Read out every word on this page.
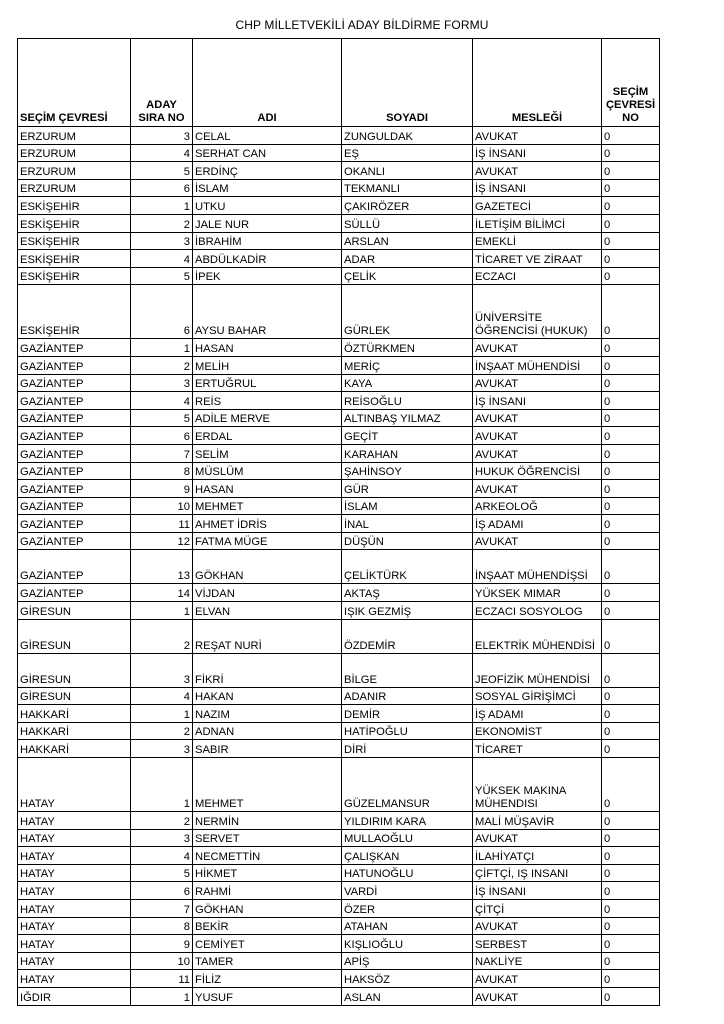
CHP MİLLETVEKİLİ ADAY BİLDİRME FORMU
SEÇİM ÇEVRESİ	ADAY SIRA NO	ADI	SOYADI	MESLEĞİ	SEÇİM ÇEVRESİ NO
ERZURUM	3	CELAL	ZUNGULDAK	AVUKAT	0
ERZURUM	4	SERHAT CAN	EŞ	İŞ İNSANI	0
ERZURUM	5	ERDİNÇ	OKANLI	AVUKAT	0
ERZURUM	6	İSLAM	TEKMANLI	İŞ İNSANI	0
ESKİŞEHİR	1	UTKU	ÇAKIRÖZER	GAZETECİ	0
ESKİŞEHİR	2	JALE NUR	SÜLLÜ	İLETİŞİM BİLİMCİ	0
ESKİŞEHİR	3	İBRAHİM	ARSLAN	EMEKLİ	0
ESKİŞEHİR	4	ABDÜLKADİR	ADAR	TİCARET VE ZİRAAT	0
ESKİŞEHİR	5	İPEK	ÇELİK	ECZACI	0
ESKİŞEHİR	6	AYSU BAHAR	GÜRLEK	ÜNİVERSİTE ÖĞRENCİSİ (HUKUK)	0
GAZİANTEP	1	HASAN	ÖZTÜRKMEN	AVUKAT	0
GAZİANTEP	2	MELİH	MERİÇ	İNŞAAT MÜHENDİSİ	0
GAZİANTEP	3	ERTUĞRUL	KAYA	AVUKAT	0
GAZİANTEP	4	REİS	REİSOĞLU	İŞ İNSANI	0
GAZİANTEP	5	ADİLE MERVE	ALTINBAŞ YILMAZ	AVUKAT	0
GAZİANTEP	6	ERDAL	GEÇİT	AVUKAT	0
GAZİANTEP	7	SELİM	KARAHAN	AVUKAT	0
GAZİANTEP	8	MÜSLÜM	ŞAHİNSOY	HUKUK ÖĞRENCİSİ	0
GAZİANTEP	9	HASAN	GÜR	AVUKAT	0
GAZİANTEP	10	MEHMET	İSLAM	ARKEOLOĞ	0
GAZİANTEP	11	AHMET İDRİS	İNAL	İŞ ADAMI	0
GAZİANTEP	12	FATMA MÜGE	DÜŞÜN	AVUKAT	0
GAZİANTEP	13	GÖKHAN	ÇELİKTÜRK	İNŞAAT MÜHENDİŞSİ	0
GAZİANTEP	14	VİJDAN	AKTAŞ	YÜKSEK MIMAR	0
GİRESUN	1	ELVAN	IŞIK GEZMİŞ	ECZACI SOSYOLOG	0
GİRESUN	2	REŞAT NURİ	ÖZDEMİR	ELEKTRİK MÜHENDİSİ	0
GİRESUN	3	FİKRİ	BİLGE	JEOFİZİK MÜHENDİSİ	0
GİRESUN	4	HAKAN	ADANIR	SOSYAL GİRİŞİMCİ	0
HAKKARİ	1	NAZIM	DEMİR	İŞ ADAMI	0
HAKKARİ	2	ADNAN	HATİPOĞLU	EKONOMİST	0
HAKKARİ	3	SABIR	DİRİ	TİCARET	0
HATAY	1	MEHMET	GÜZELMANSUR	YÜKSEK MAKINA MÜHENDISI	0
HATAY	2	NERMİN	YILDIRIM KARA	MALİ MÜŞAVİR	0
HATAY	3	SERVET	MULLAOĞLU	AVUKAT	0
HATAY	4	NECMETTİN	ÇALIŞKAN	İLAHİYATÇI	0
HATAY	5	HİKMET	HATUNOĞLU	ÇİFTÇİ, IŞ INSANI	0
HATAY	6	RAHMİ	VARDİ	İŞ İNSANI	0
HATAY	7	GÖKHAN	ÖZER	ÇİTÇİ	0
HATAY	8	BEKİR	ATAHAN	AVUKAT	0
HATAY	9	CEMİYET	KIŞLIOĞLU	SERBEST	0
HATAY	10	TAMER	APİŞ	NAKLİYE	0
HATAY	11	FİLİZ	HAKSÖZ	AVUKAT	0
IĞDIR	1	YUSUF	ASLAN	AVUKAT	0
